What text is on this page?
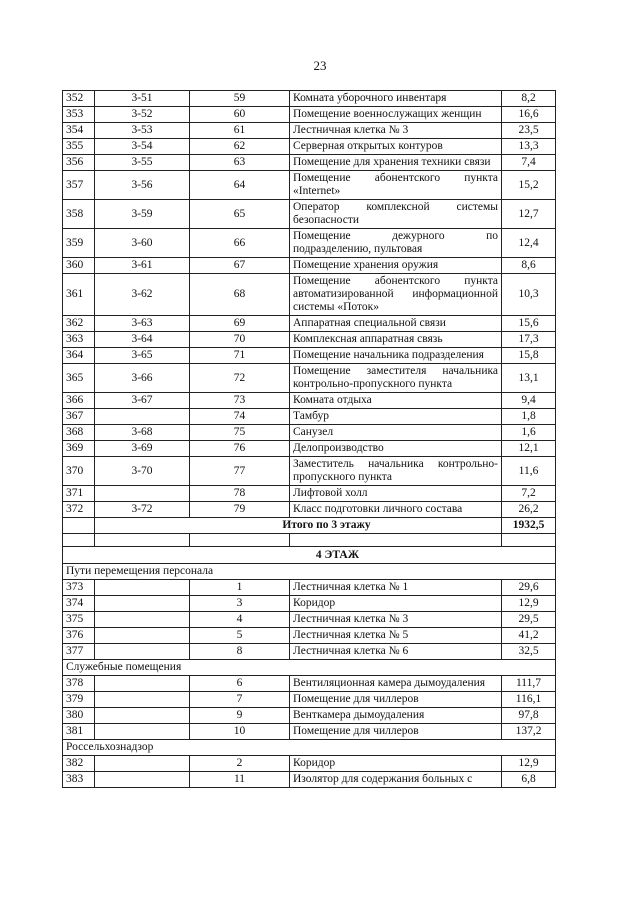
23
352	3-51	59	Комната уборочного инвентаря	8,2
353	3-52	60	Помещение военнослужащих женщин	16,6
354	3-53	61	Лестничная клетка № 3	23,5
355	3-54	62	Серверная открытых контуров	13,3
356	3-55	63	Помещение для хранения техники связи	7,4
357	3-56	64	Помещение абонентского пункта «Internet»	15,2
358	3-59	65	Оператор комплексной системы безопасности	12,7
359	3-60	66	Помещение дежурного по подразделению, пультовая	12,4
360	3-61	67	Помещение хранения оружия	8,6
361	3-62	68	Помещение абонентского пункта автоматизированной информационной системы «Поток»	10,3
362	3-63	69	Аппаратная специальной связи	15,6
363	3-64	70	Комплексная аппаратная связь	17,3
364	3-65	71	Помещение начальника подразделения	15,8
365	3-66	72	Помещение заместителя начальника контрольно-пропускного пункта	13,1
366	3-67	73	Комната отдыха	9,4
367		74	Тамбур	1,8
368	3-68	75	Санузел	1,6
369	3-69	76	Делопроизводство	12,1
370	3-70	77	Заместитель начальника контрольно-пропускного пункта	11,6
371		78	Лифтовой холл	7,2
372	3-72	79	Класс подготовки личного состава	26,2
	Итого по 3 этажу			1932,5

4 ЭТАЖ				
Пути перемещения персонала				
373		1	Лестничная клетка № 1	29,6
374		3	Коридор	12,9
375		4	Лестничная клетка № 3	29,5
376		5	Лестничная клетка № 5	41,2
377		8	Лестничная клетка № 6	32,5
Служебные помещения				
378		6	Вентиляционная камера дымоудаления	111,7
379		7	Помещение для чиллеров	116,1
380		9	Венткамера дымоудаления	97,8
381		10	Помещение для чиллеров	137,2
Россельхознадзор				
382		2	Коридор	12,9
383		11	Изолятор для содержания больных с	6,8
